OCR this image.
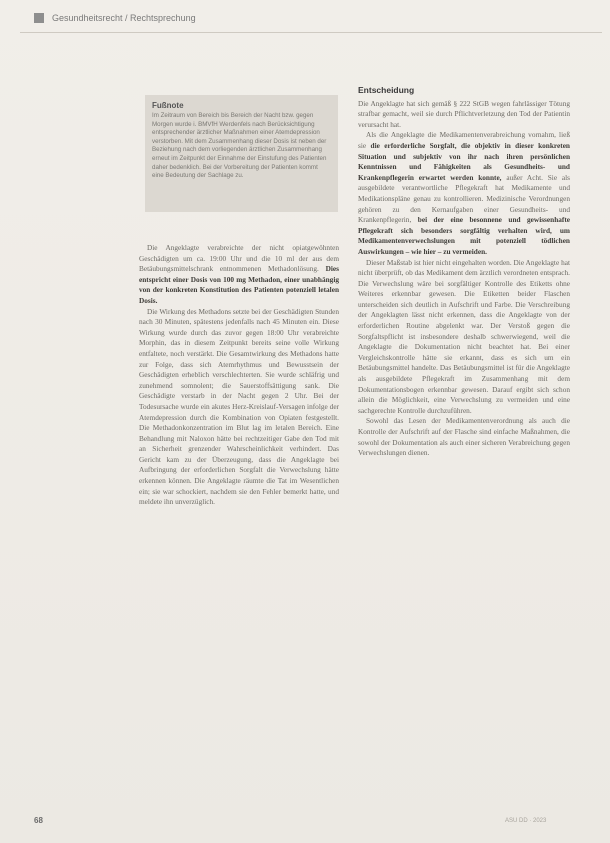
Gesundheitsrecht / Rechtsprechung
Fußnote
Im Zeitraum von Bereich bis Bereich der Nacht bzw. gegen Morgen wurde i. BMVfH Werdenfels nach Berücksichtigung entsprechender ärztlicher Maßnahmen einer Atemdepression verstorben. Mit dem Zusammenhang dieser Dosis ist neben der Beziehung nach dem vorliegenden ärztlichen Zusammenhang erneut im Zeitpunkt der Einnahme der Einstufung des Patienten daher bedenklich. Bei der Vorbereitung der Patienten kommt eine Bedeutung der Sachlage zu.

Die Angeklagte verabreichte der nicht opiatgewöhnten Geschädigten um ca. 19:00 Uhr und die 10 ml der aus dem Betäubungsmittelschrank entnommenen Methadonlösung. Dies entspricht einer Dosis von 100 mg Methadon, einer unabhängig von der konkreten Konstitution des Patienten potenziell letalen Dosis.

Die Wirkung des Methadons setzte bei der Geschädigten Stunden nach 30 Minuten, spätestens jedenfalls nach 45 Minuten ein. Diese Wirkung wurde durch das zuvor gegen 18:00 Uhr verabreichte Morphin, das in diesem Zeitpunkt bereits seine volle Wirkung entfaltete, noch verstärkt. Die Gesamtwirkung des Methadons hatte zur Folge, dass sich Atemrhythmus und Bewusstsein der Geschädigten erheblich verschlechterten. Sie wurde schläfrig und zunehmend somnolent; die Sauerstoffsättigung sank. Die Geschädigte verstarb in der Nacht gegen 2 Uhr. Bei der Todesursache wurde ein akutes Herz-Kreislauf-Versagen infolge der Atemdepression durch die Kombination von Opiaten festgestellt. Die Methadonkonzentration im Blut lag im letalen Bereich. Eine Behandlung mit Naloxon hätte bei rechtzeitiger Gabe den Tod mit an Sicherheit grenzender Wahrscheinlichkeit verhindert. Das Gericht kam zu der Überzeugung, dass die Angeklagte bei Aufbringung der erforderlichen Sorgfalt die Verwechslung hätte erkennen können. Die Angeklagte räumte die Tat im Wesentlichen ein; sie war schockiert, nachdem sie den Fehler bemerkt hatte, und meldete ihn unverzüglich.

Entscheidung

Die Angeklagte hat sich gemäß § 222 StGB wegen fahrlässiger Tötung strafbar gemacht, weil sie durch Pflichtverletzung den Tod der Patientin verursacht hat.

Als die Angeklagte die Medikamentenverabreichung vornahm, ließ sie die erforderliche Sorgfalt, die objektiv in dieser konkreten Situation und subjektiv von ihr nach ihren persönlichen Kenntnissen und Fähigkeiten als Gesundheits- und Krankenpflegerin erwartet werden konnte, außer Acht. Sie als ausgebildete verantwortliche Pflegekraft hat Medikamente und Medikationspläne genau zu kontrollieren. Medizinische Verordnungen gehören zu den Kernaufgaben einer Gesundheits- und Krankenpflegerin, bei der eine besonnene und gewissenhafte Pflegekraft sich besonders sorgfältig verhalten wird, um Medikamentenverwechslungen mit potenziell tödlichen Auswirkungen – wie hier – zu vermeiden.

Dieser Maßstab ist hier nicht eingehalten worden. Die Angeklagte hat nicht überprüft, ob das Medikament dem ärztlich verordneten entsprach. Die Verwechslung wäre bei sorgfältiger Kontrolle des Etiketts ohne Weiteres erkennbar gewesen. Die Etiketten beider Flaschen unterscheiden sich deutlich in Aufschrift und Farbe. Die Verschreibung der Angeklagten lässt nicht erkennen, dass die Angeklagte von der erforderlichen Routine abgelenkt war. Der Verstoß gegen die Sorgfaltspflicht ist insbesondere deshalb schwerwiegend, weil die Angeklagte die Dokumentation nicht beachtet hat. Bei einer Vergleichskontrolle hätte sie erkannt, dass es sich um ein Betäubungsmittel handelte. Das Betäubungsmittel ist für die Angeklagte als ausgebildete Pflegekraft im Zusammenhang mit dem Dokumentationsbogen erkennbar gewesen. Darauf ergibt sich schon allein die Möglichkeit, eine Verwechslung zu vermeiden und eine sachgerechte Kontrolle durchzuführen.

Sowohl das Lesen der Medikamentenverordnung als auch die Kontrolle der Aufschrift auf der Flasche sind einfache Maßnahmen, die sowohl der Dokumentation als auch einer sicheren Verabreichung gegen Verwechslungen dienen.

68	ASU DD · 2023
